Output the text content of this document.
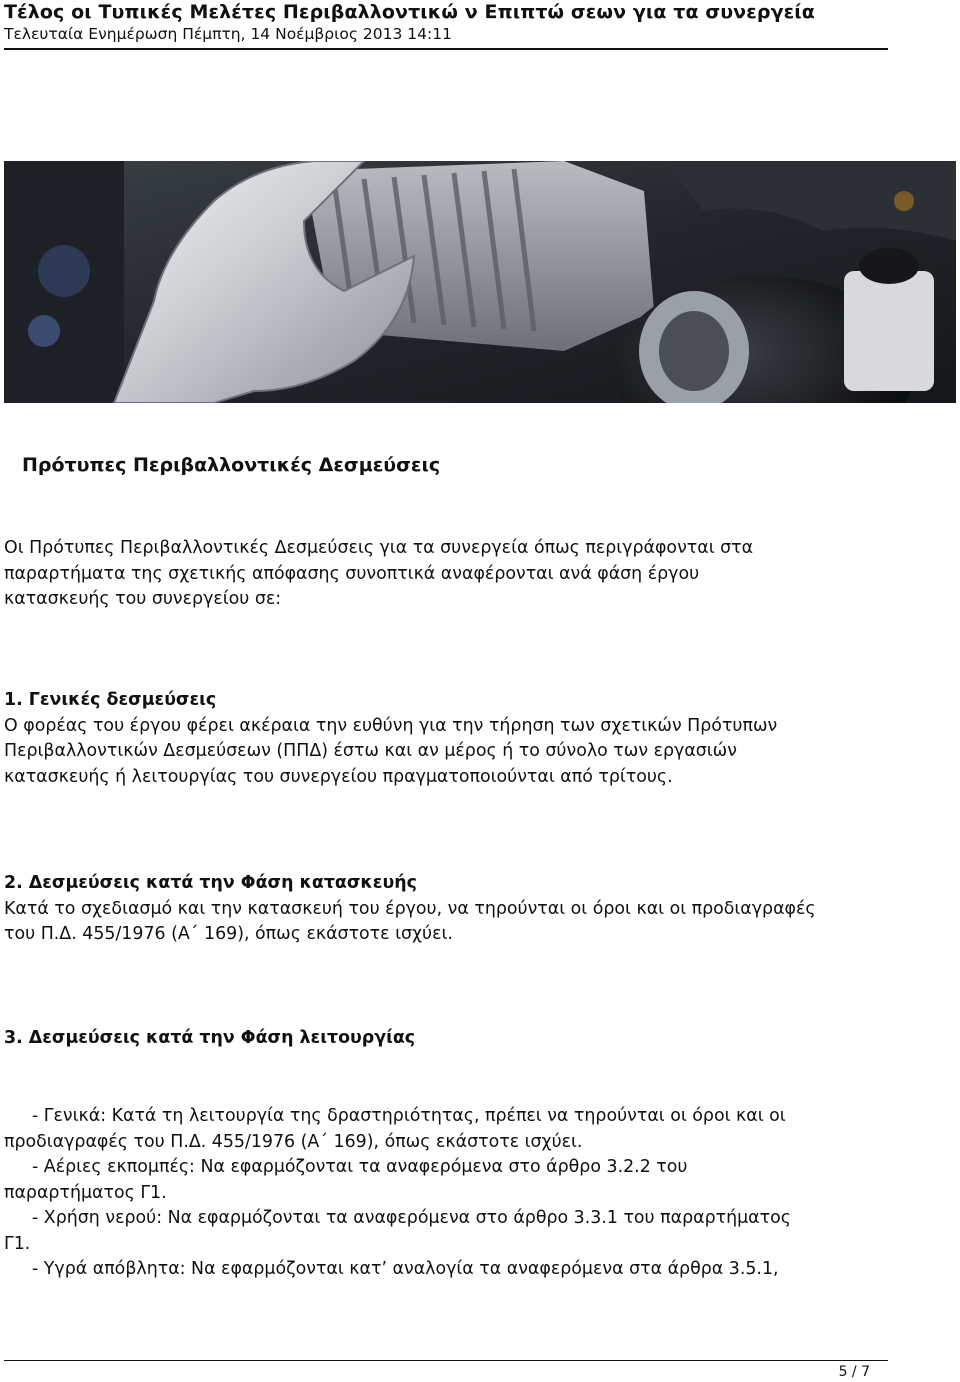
Τέλος οι Τυπικές Μελέτες Περιβαλλοντικώ ν Επιπτώ σεων για τα συνεργεία
Τελευταία Ενημέρωση Πέμπτη, 14 Νοέμβριος 2013 14:11
Πρότυπες Περιβαλλοντικές Δεσμεύσεις
Οι Πρότυπες Περιβαλλοντικές Δεσμεύσεις για τα συνεργεία όπως περιγράφονται στα
παραρτήματα της σχετικής απόφασης συνοπτικά αναφέρονται ανά φάση έργου
κατασκευής του συνεργείου σε:
1. Γενικές δεσμεύσεις
Ο φορέας του έργου φέρει ακέραια την ευθύνη για την τήρηση των σχετικών Πρότυπων
Περιβαλλοντικών Δεσμεύσεων (ΠΠΔ) έστω και αν μέρος ή το σύνολο των εργασιών
κατασκευής ή λειτουργίας του συνεργείου πραγματοποιούνται από τρίτους.
2. Δεσμεύσεις κατά την Φάση κατασκευής
Κατά το σχεδιασμό και την κατασκευή του έργου, να τηρούνται οι όροι και οι προδιαγραφές
του Π.Δ. 455/1976 (Α΄ 169), όπως εκάστοτε ισχύει.
3. Δεσμεύσεις κατά την Φάση λειτουργίας
- Γενικά: Κατά τη λειτουργία της δραστηριότητας, πρέπει να τηρούνται οι όροι και οι
προδιαγραφές του Π.Δ. 455/1976 (Α΄ 169), όπως εκάστοτε ισχύει.
- Αέριες εκπομπές: Να εφαρμόζονται τα αναφερόμενα στο άρθρο 3.2.2 του
παραρτήματος Γ1.
- Χρήση νερού: Να εφαρμόζονται τα αναφερόμενα στο άρθρο 3.3.1 του παραρτήματος
Γ1.
- Υγρά απόβλητα: Να εφαρμόζονται κατ’ αναλογία τα αναφερόμενα στα άρθρα 3.5.1,
5 / 7
